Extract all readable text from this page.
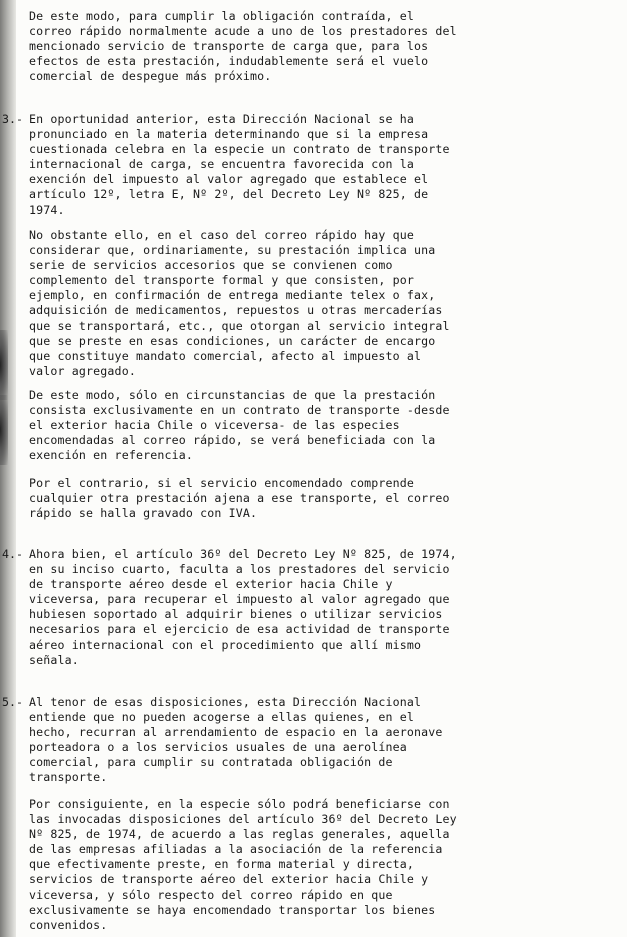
De este modo, para cumplir la obligación contraída, el
correo rápido normalmente acude a uno de los prestadores del
mencionado servicio de transporte de carga que, para los
efectos de esta prestación, indudablemente será el vuelo
comercial de despegue más próximo.
3.- En oportunidad anterior, esta Dirección Nacional se ha
pronunciado en la materia determinando que si la empresa
cuestionada celebra en la especie un contrato de transporte
internacional de carga, se encuentra favorecida con la
exención del impuesto al valor agregado que establece el
artículo 12º, letra E, Nº 2º, del Decreto Ley Nº 825, de
1974.
No obstante ello, en el caso del correo rápido hay que
considerar que, ordinariamente, su prestación implica una
serie de servicios accesorios que se convienen como
complemento del transporte formal y que consisten, por
ejemplo, en confirmación de entrega mediante telex o fax,
adquisición de medicamentos, repuestos u otras mercaderías
que se transportará, etc., que otorgan al servicio integral
que se preste en esas condiciones, un carácter de encargo
que constituye mandato comercial, afecto al impuesto al
valor agregado.
De este modo, sólo en circunstancias de que la prestación
consista exclusivamente en un contrato de transporte -desde
el exterior hacia Chile o viceversa- de las especies
encomendadas al correo rápido, se verá beneficiada con la
exención en referencia.
Por el contrario, si el servicio encomendado comprende
cualquier otra prestación ajena a ese transporte, el correo
rápido se halla gravado con IVA.
4.- Ahora bien, el artículo 36º del Decreto Ley Nº 825, de 1974,
en su inciso cuarto, faculta a los prestadores del servicio
de transporte aéreo desde el exterior hacia Chile y
viceversa, para recuperar el impuesto al valor agregado que
hubiesen soportado al adquirir bienes o utilizar servicios
necesarios para el ejercicio de esa actividad de transporte
aéreo internacional con el procedimiento que allí mismo
señala.
5.- Al tenor de esas disposiciones, esta Dirección Nacional
entiende que no pueden acogerse a ellas quienes, en el
hecho, recurran al arrendamiento de espacio en la aeronave
porteadora o a los servicios usuales de una aerolínea
comercial, para cumplir su contratada obligación de
transporte.
Por consiguiente, en la especie sólo podrá beneficiarse con
las invocadas disposiciones del artículo 36º del Decreto Ley
Nº 825, de 1974, de acuerdo a las reglas generales, aquella
de las empresas afiliadas a la asociación de la referencia
que efectivamente preste, en forma material y directa,
servicios de transporte aéreo del exterior hacia Chile y
viceversa, y sólo respecto del correo rápido en que
exclusivamente se haya encomendado transportar los bienes
convenidos.
